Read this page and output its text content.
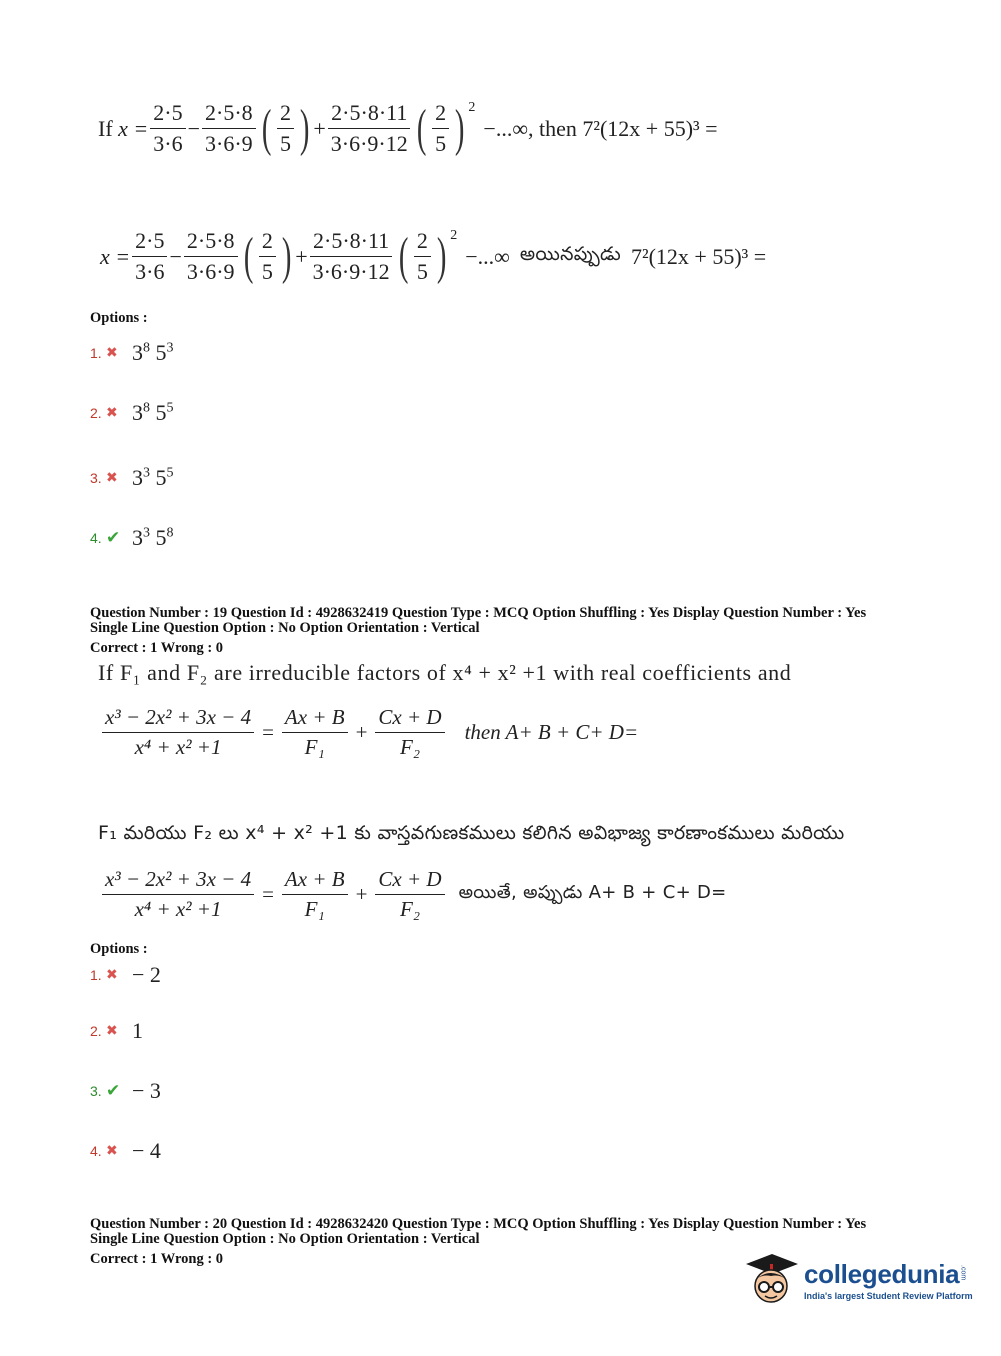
If
$x = \frac{2\cdot 5}{3\cdot 6} - \frac{2\cdot 5\cdot 8}{3\cdot 6\cdot 9}$ ( $\frac{2}{5}$ ) + $\frac{2\cdot 5\cdot 8\cdot 11}{3\cdot 6\cdot 9\cdot 12}$ ( $\frac{2}{5}$ ) $^2$
−...∞, then 7²(12x + 55)³ =
$x = \frac{2\cdot 5}{3\cdot 6} - \frac{2\cdot 5\cdot 8}{3\cdot 6\cdot 9}$ ( $\frac{2}{5}$ ) + $\frac{2\cdot 5\cdot 8\cdot 11}{3\cdot 6\cdot 9\cdot 12}$ ( $\frac{2}{5}$ ) $^2$
−...∞ అయినప్పుడు 7²(12x + 55)³ =
Options :
1. ✖ $3^8$ $5^3$
2. ✖ $3^8$ $5^5$
3. ✖ $3^3$ $5^5$
4. ✔ $3^3$ $5^8$
Question Number : 19 Question Id : 4928632419 Question Type : MCQ Option Shuffling : Yes Display Question Number : Yes
Single Line Question Option : No Option Orientation : Vertical
Correct : 1 Wrong : 0
If F₁ and F₂ are irreducible factors of x⁴ + x² +1 with real coefficients and
$\frac{\text{x³ − 2x² + 3x − 4}}{\text{x⁴ + x² +1}} = \frac{Ax + B}{\text{F₁}} + \frac{Cx + D}{\text{F₂}}$ then A+ B + C+ D=
F₁ మరియు F₂ లు x⁴ + x² +1 కు వాస్తవగుణకములు కలిగిన అవిభాజ్య కారణాంకములు మరియు
$\frac{\text{x³ − 2x² + 3x − 4}}{\text{x⁴ + x² +1}} = \frac{Ax + B}{\text{F₁}} + \frac{Cx + D}{\text{F₂}}$ అయితే, అప్పుడు A+ B + C+ D=
Options :
1. ✖ − 2
2. ✖ 1
3. ✔ − 3
4. ✖ − 4
Question Number : 20 Question Id : 4928632420 Question Type : MCQ Option Shuffling : Yes Display Question Number : Yes
Single Line Question Option : No Option Orientation : Vertical
Correct : 1 Wrong : 0	collegedunia .com
India's largest Student Review Platform
